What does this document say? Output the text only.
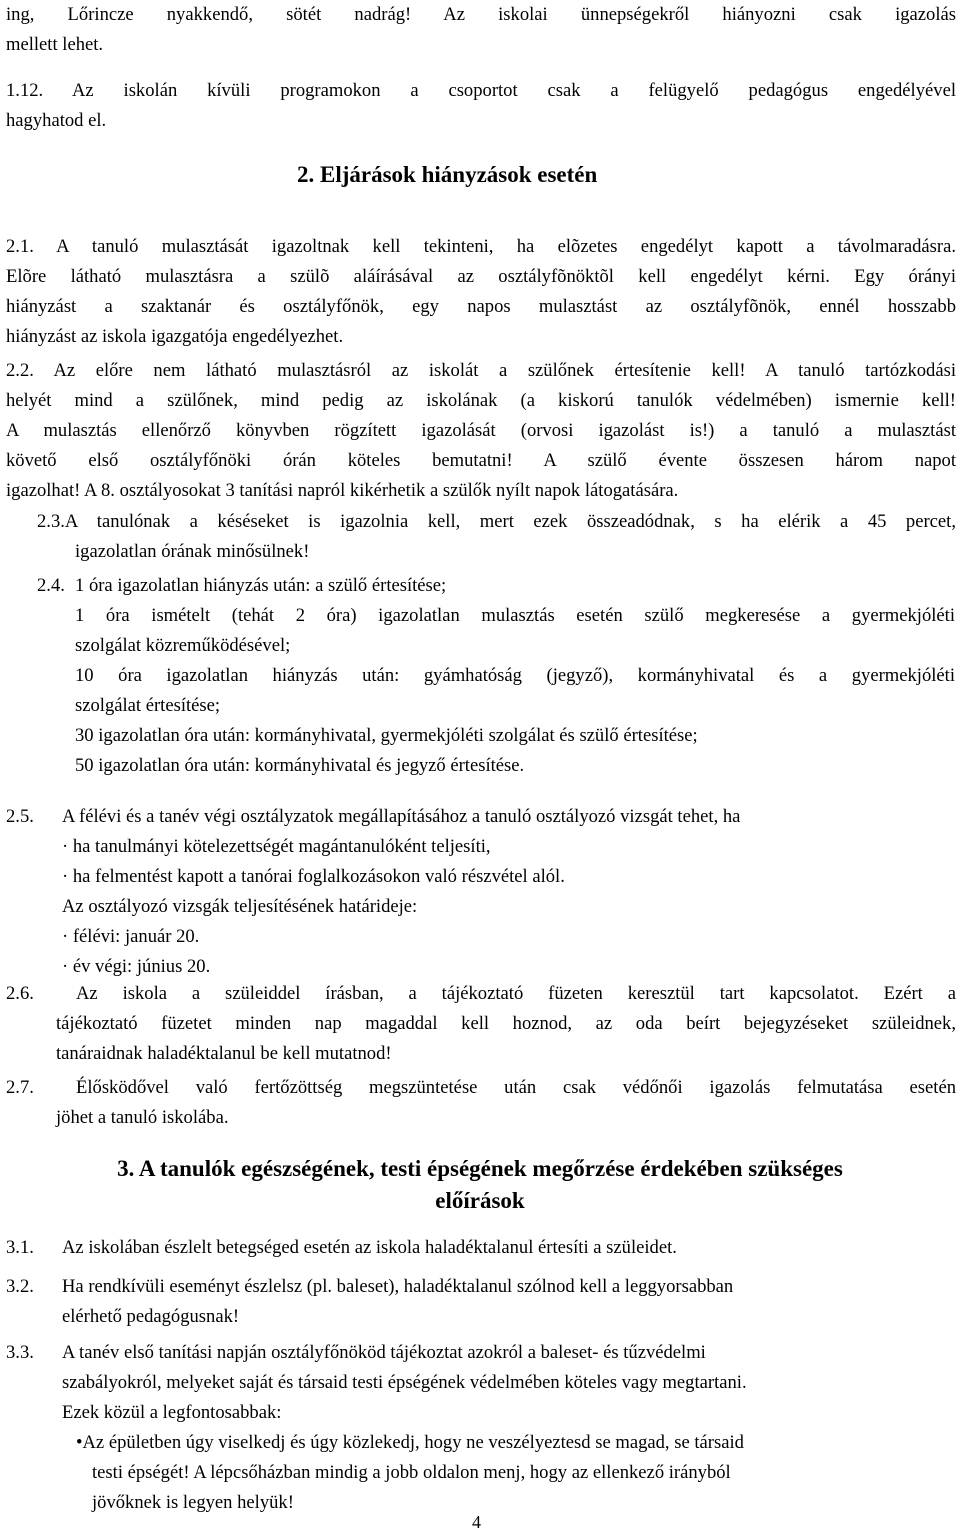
ing, Lőrincze nyakkendő, sötét nadrág! Az iskolai ünnepségekről hiányozni csak igazolás
mellett lehet.
1.12. Az iskolán kívüli programokon a csoportot csak a felügyelő pedagógus engedélyével
hagyhatod el.
2. Eljárások hiányzások esetén
2.1. A tanuló mulasztását igazoltnak kell tekinteni, ha elõzetes engedélyt kapott a távolmaradásra.
Elõre látható mulasztásra a szülõ aláírásával az osztályfõnöktõl kell engedélyt kérni. Egy órányi
hiányzást a szaktanár és osztályfőnök, egy napos mulasztást az osztályfõnök, ennél hosszabb
hiányzást az iskola igazgatója engedélyezhet.
2.2. Az előre nem látható mulasztásról az iskolát a szülőnek értesítenie kell! A tanuló tartózkodási
helyét mind a szülőnek, mind pedig az iskolának (a kiskorú tanulók védelmében) ismernie kell!
A mulasztás ellenőrző könyvben rögzített igazolását (orvosi igazolást is!) a tanuló a mulasztást
követő első osztályfőnöki órán köteles bemutatni! A szülő évente összesen három napot
igazolhat! A 8. osztályosokat 3 tanítási napról kikérhetik a szülők nyílt napok látogatására.
2.3.A tanulónak a késéseket is igazolnia kell, mert ezek összeadódnak, s ha elérik a 45 percet,
igazolatlan órának minősülnek!
2.4. 1 óra igazolatlan hiányzás után: a szülő értesítése;
1 óra ismételt (tehát 2 óra) igazolatlan mulasztás esetén szülő megkeresése a gyermekjóléti
szolgálat közreműködésével;
10 óra igazolatlan hiányzás után: gyámhatóság (jegyző), kormányhivatal és a gyermekjóléti
szolgálat értesítése;
30 igazolatlan óra után: kormányhivatal, gyermekjóléti szolgálat és szülő értesítése;
50 igazolatlan óra után: kormányhivatal és jegyző értesítése.
2.5. A félévi és a tanév végi osztályzatok megállapításához a tanuló osztályozó vizsgát tehet, ha
· ha tanulmányi kötelezettségét magántanulóként teljesíti,
· ha felmentést kapott a tanórai foglalkozásokon való részvétel alól.
Az osztályozó vizsgák teljesítésének határideje:
· félévi: január 20.
· év végi: június 20.
2.6.	Az iskola a szüleiddel írásban, a tájékoztató füzeten keresztül tart kapcsolatot. Ezért a
tájékoztató füzetet minden nap magaddal kell hoznod, az oda beírt bejegyzéseket szüleidnek,
tanáraidnak haladéktalanul be kell mutatnod!
2.7.	Élősködővel való fertőzöttség megszüntetése után csak védőnői igazolás felmutatása esetén
jöhet a tanuló iskolába.
3. A tanulók egészségének, testi épségének megőrzése érdekében szükséges
előírások
3.1. Az iskolában észlelt betegséged esetén az iskola haladéktalanul értesíti a szüleidet.
3.2. Ha rendkívüli eseményt észlelsz (pl. baleset), haladéktalanul szólnod kell a leggyorsabban
elérhető pedagógusnak!
3.3. A tanév első tanítási napján osztályfőnököd tájékoztat azokról a baleset- és tűzvédelmi
szabályokról, melyeket saját és társaid testi épségének védelmében köteles vagy megtartani.
Ezek közül a legfontosabbak:
•Az épületben úgy viselkedj és úgy közlekedj, hogy ne veszélyeztesd se magad, se társaid
testi épségét! A lépcsőházban mindig a jobb oldalon menj, hogy az ellenkező irányból
jövőknek is legyen helyük!
4
